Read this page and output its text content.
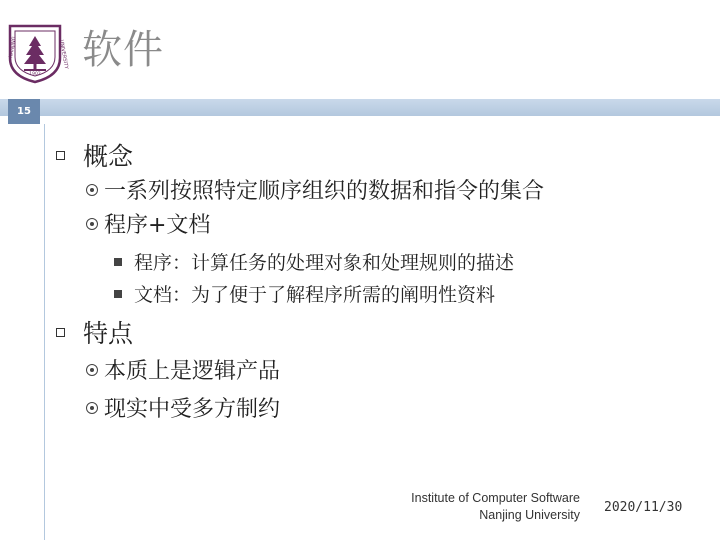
NANJING	UNIVERSITY
1902
软件
15
概念
一系列按照特定顺序组织的数据和指令的集合
程序+文档
程序：计算任务的处理对象和处理规则的描述
文档：为了便于了解程序所需的阐明性资料
特点
本质上是逻辑产品
现实中受多方制约
Institute of Computer Software
Nanjing University 2020/11/30
